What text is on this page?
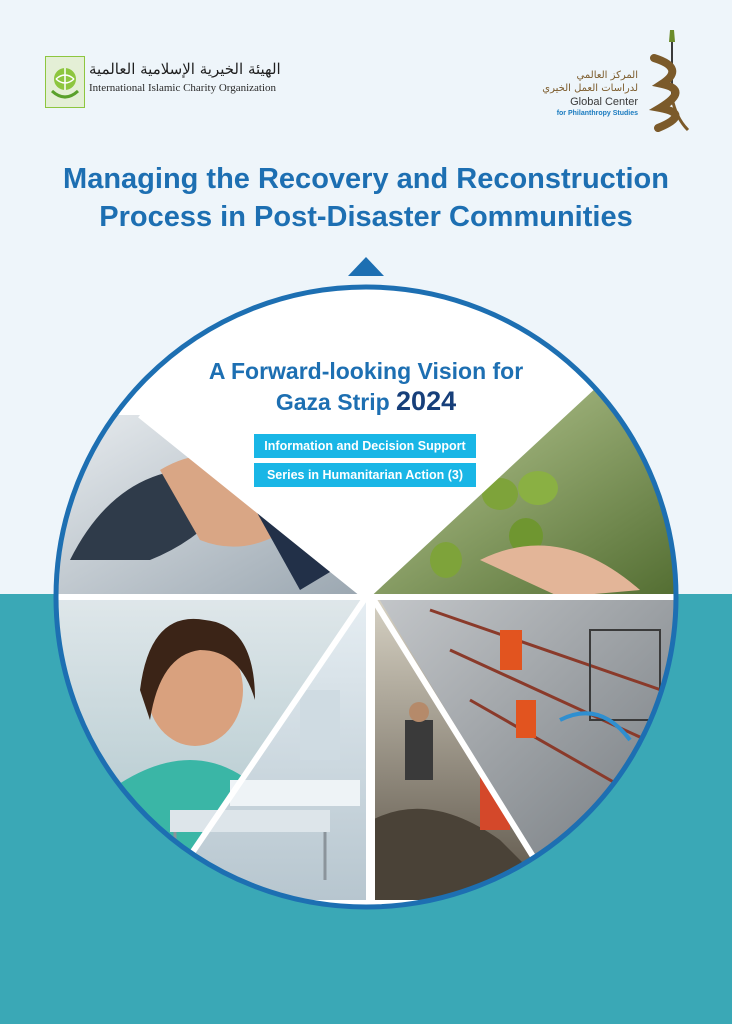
الهيئة الخيرية الإسلامية العالمية
International Islamic Charity Organization
المركز العالمي
لدراسات العمل الخيري
Global Center
for Philanthropy Studies
Managing the Recovery and Reconstruction
Process in Post-Disaster Communities
A Forward-looking Vision for
Gaza Strip 2024
Information and Decision Support
Series in Humanitarian Action (3)
